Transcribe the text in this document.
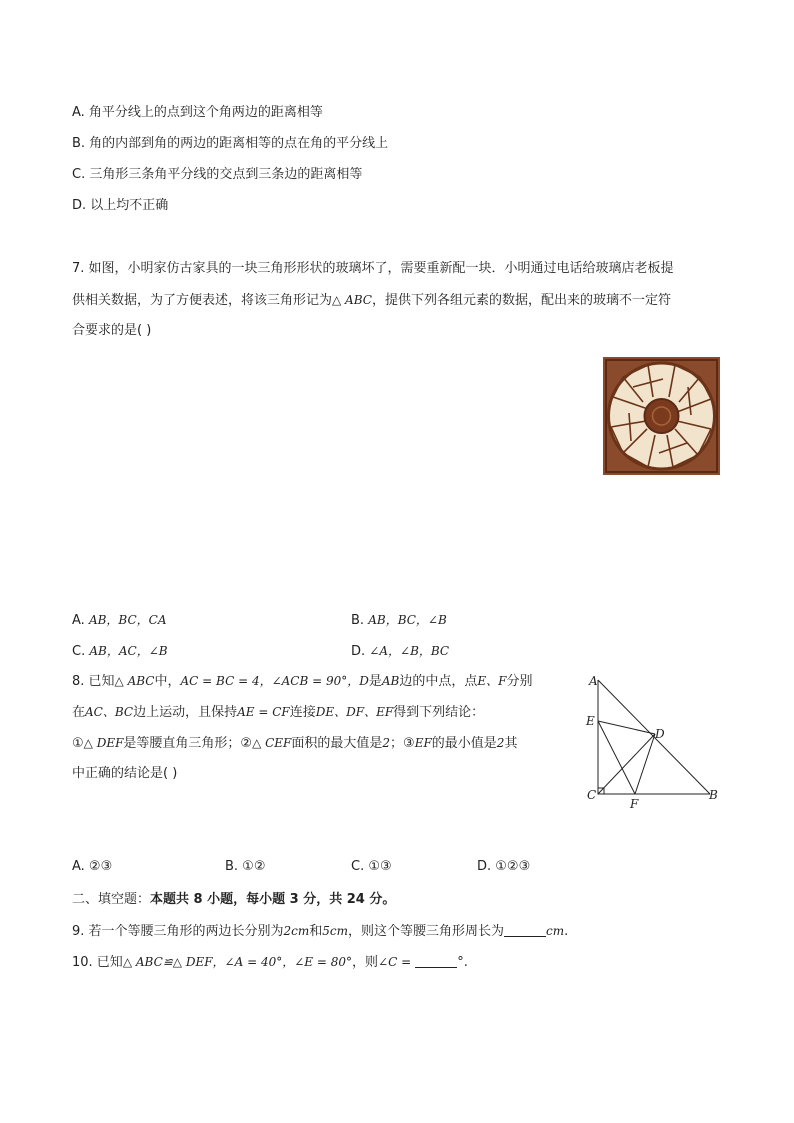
A. 角平分线上的点到这个角两边的距离相等
B. 角的内部到角的两边的距离相等的点在角的平分线上
C. 三角形三条角平分线的交点到三条边的距离相等
D. 以上均不正确
7. 如图，小明家仿古家具的一块三角形形状的玻璃坏了，需要重新配一块．小明通过电话给玻璃店老板提
供相关数据，为了方便表述，将该三角形记为△ ABC，提供下列各组元素的数据，配出来的玻璃不一定符
合要求的是( )
A. AB，BC，CA	B. AB，BC，∠B
C. AB，AC，∠B	D. ∠A，∠B，BC
8. 已知△ ABC中，AC = BC = 4，∠ACB = 90°，D是AB边的中点，点E、F分别
在AC、BC边上运动，且保持AE = CF连接DE、DF、EF得到下列结论：
①△ DEF是等腰直角三角形；②△ CEF面积的最大值是2；③EF的最小值是2其
中正确的结论是( )
A
E
D
C
F
B
A. ②③	B. ①②	C. ①③	D. ①②③
二、填空题：本题共 8 小题，每小题 3 分，共 24 分。
9. 若一个等腰三角形的两边长分别为2cm和5cm，则这个等腰三角形周长为	cm.
10. 已知△ ABC≌△ DEF，∠A = 40°，∠E = 80°，则∠C =	°.
